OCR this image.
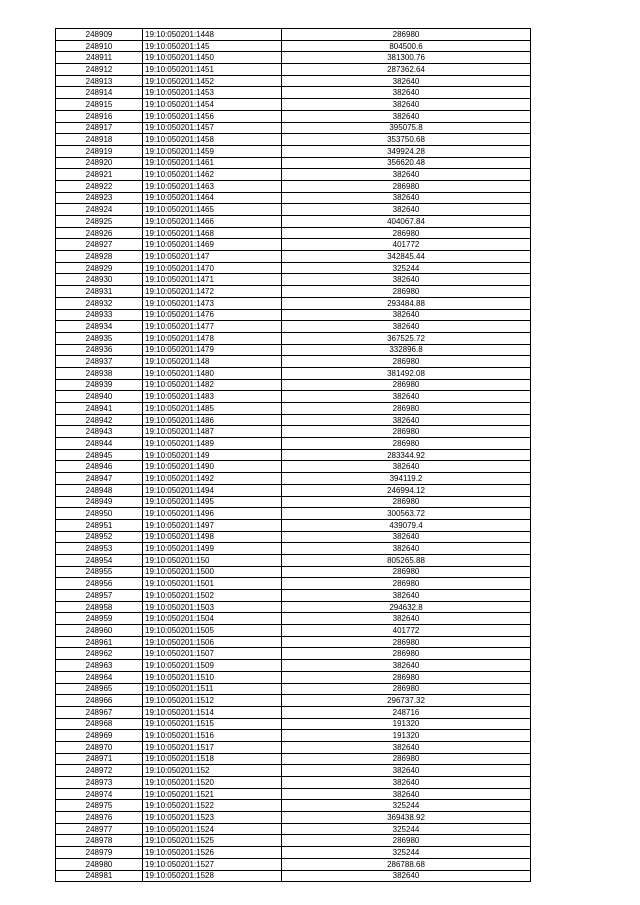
248909	19:10:050201:1448	286980
248910	19:10:050201:145	804500.6
248911	19:10:050201:1450	381300.76
248912	19:10:050201:1451	287362.64
248913	19:10:050201:1452	382640
248914	19:10:050201:1453	382640
248915	19:10:050201:1454	382640
248916	19:10:050201:1456	382640
248917	19:10:050201:1457	395075.8
248918	19:10:050201:1458	353750.68
248919	19:10:050201:1459	349924.28
248920	19:10:050201:1461	356620.48
248921	19:10:050201:1462	382640
248922	19:10:050201:1463	286980
248923	19:10:050201:1464	382640
248924	19:10:050201:1465	382640
248925	19:10:050201:1466	404067.84
248926	19:10:050201:1468	286980
248927	19:10:050201:1469	401772
248928	19:10:050201:147	342845.44
248929	19:10:050201:1470	325244
248930	19:10:050201:1471	382640
248931	19:10:050201:1472	286980
248932	19:10:050201:1473	293484.88
248933	19:10:050201:1476	382640
248934	19:10:050201:1477	382640
248935	19:10:050201:1478	367525.72
248936	19:10:050201:1479	332896.8
248937	19:10:050201:148	286980
248938	19:10:050201:1480	381492.08
248939	19:10:050201:1482	286980
248940	19:10:050201:1483	382640
248941	19:10:050201:1485	286980
248942	19:10:050201:1486	382640
248943	19:10:050201:1487	286980
248944	19:10:050201:1489	286980
248945	19:10:050201:149	283344.92
248946	19:10:050201:1490	382640
248947	19:10:050201:1492	394119.2
248948	19:10:050201:1494	246994.12
248949	19:10:050201:1495	286980
248950	19:10:050201:1496	300563.72
248951	19:10:050201:1497	439079.4
248952	19:10:050201:1498	382640
248953	19:10:050201:1499	382640
248954	19:10:050201:150	805265.88
248955	19:10:050201:1500	286980
248956	19:10:050201:1501	286980
248957	19:10:050201:1502	382640
248958	19:10:050201:1503	294632.8
248959	19:10:050201:1504	382640
248960	19:10:050201:1505	401772
248961	19:10:050201:1506	286980
248962	19:10:050201:1507	286980
248963	19:10:050201:1509	382640
248964	19:10:050201:1510	286980
248965	19:10:050201:1511	286980
248966	19:10:050201:1512	296737.32
248967	19:10:050201:1514	248716
248968	19:10:050201:1515	191320
248969	19:10:050201:1516	191320
248970	19:10:050201:1517	382640
248971	19:10:050201:1518	286980
248972	19:10:050201:152	382640
248973	19:10:050201:1520	382640
248974	19:10:050201:1521	382640
248975	19:10:050201:1522	325244
248976	19:10:050201:1523	369438.92
248977	19:10:050201:1524	325244
248978	19:10:050201:1525	286980
248979	19:10:050201:1526	325244
248980	19:10:050201:1527	286788.68
248981	19:10:050201:1528	382640
